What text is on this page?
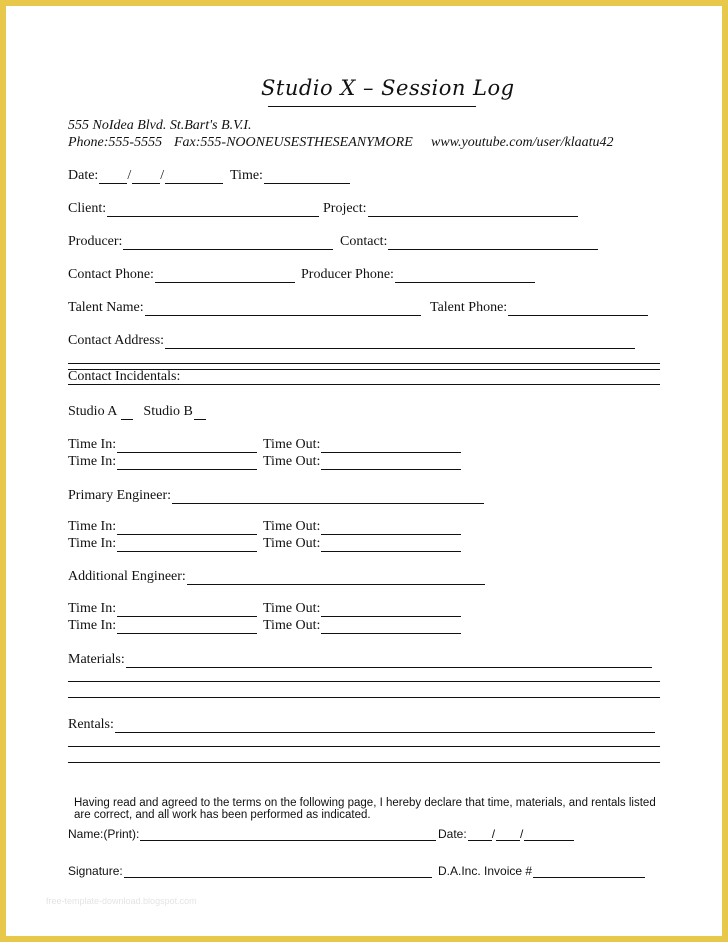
Studio X – Session Log
555 NoIdea Blvd. St.Bart's B.V.I.
Phone:555-5555 Fax:555-NOONEUSESTHESEANYMORE www.youtube.com/user/klaatu42
Date: / /	Time:
Client:	Project:
Producer:	Contact:
Contact Phone:	Producer Phone:
Talent Name:	Talent Phone:
Contact Address:
Contact Incidentals:
Studio A Studio B
Time In:	Time Out:
Time In:	Time Out:
Primary Engineer:
Time In:	Time Out:
Time In:	Time Out:
Additional Engineer:
Time In:	Time Out:
Time In:	Time Out:
Materials:
Rentals:
Having read and agreed to the terms on the following page, I hereby declare that time, materials, and rentals listed are correct, and all work has been performed as indicated.
Name:(Print):	Date: / /
Signature:	D.A.Inc. Invoice #
free-template-download.blogspot.com
